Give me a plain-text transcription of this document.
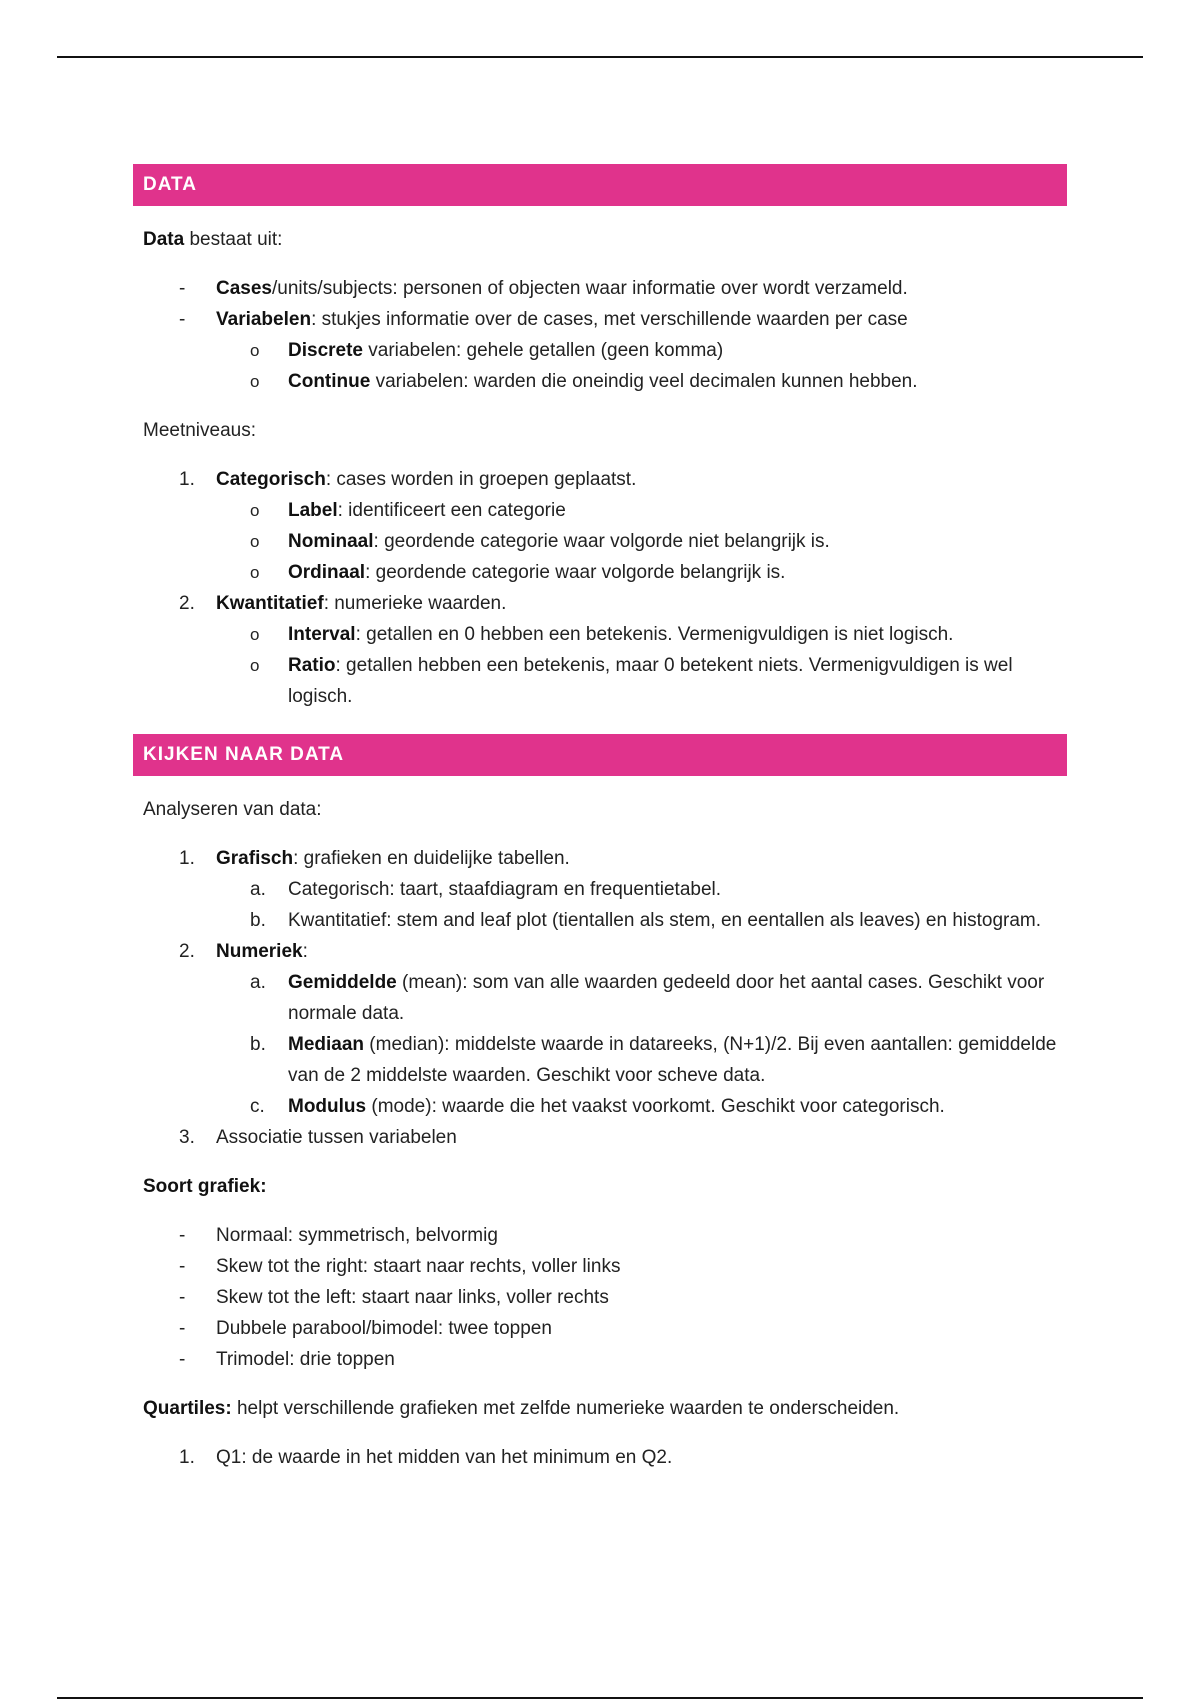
DATA

Data bestaat uit:

-
Cases/units/subjects: personen of objecten waar informatie over wordt verzameld.
-
Variabelen: stukjes informatie over de cases, met verschillende waarden per case
o
Discrete variabelen: gehele getallen (geen komma)
o
Continue variabelen: warden die oneindig veel decimalen kunnen hebben.

Meetniveaus:

1.	Categorisch: cases worden in groepen geplaatst.
o
Label: identificeert een categorie
o
Nominaal: geordende categorie waar volgorde niet belangrijk is.
o
Ordinaal: geordende categorie waar volgorde belangrijk is.
2.	Kwantitatief: numerieke waarden.
o
Interval: getallen en 0 hebben een betekenis. Vermenigvuldigen is niet logisch.
o
Ratio: getallen hebben een betekenis, maar 0 betekent niets. Vermenigvuldigen is wel logisch.
KIJKEN NAAR DATA

Analyseren van data:

1.	Grafisch: grafieken en duidelijke tabellen.
a.	Categorisch: taart, staafdiagram en frequentietabel.
b.	Kwantitatief: stem and leaf plot (tientallen als stem, en eentallen als leaves) en histogram.
2.	Numeriek:
a.	Gemiddelde (mean): som van alle waarden gedeeld door het aantal cases. Geschikt voor normale data.
b.	Mediaan (median): middelste waarde in datareeks, (N+1)/2. Bij even aantallen: gemiddelde van de 2 middelste waarden. Geschikt voor scheve data.
c.	Modulus (mode): waarde die het vaakst voorkomt. Geschikt voor categorisch.
3.	Associatie tussen variabelen

Soort grafiek:

-
Normaal: symmetrisch, belvormig
-
Skew tot the right: staart naar rechts, voller links
-
Skew tot the left: staart naar links, voller rechts
-
Dubbele parabool/bimodel: twee toppen
-
Trimodel: drie toppen

Quartiles: helpt verschillende grafieken met zelfde numerieke waarden te onderscheiden.

1.	Q1: de waarde in het midden van het minimum en Q2.
